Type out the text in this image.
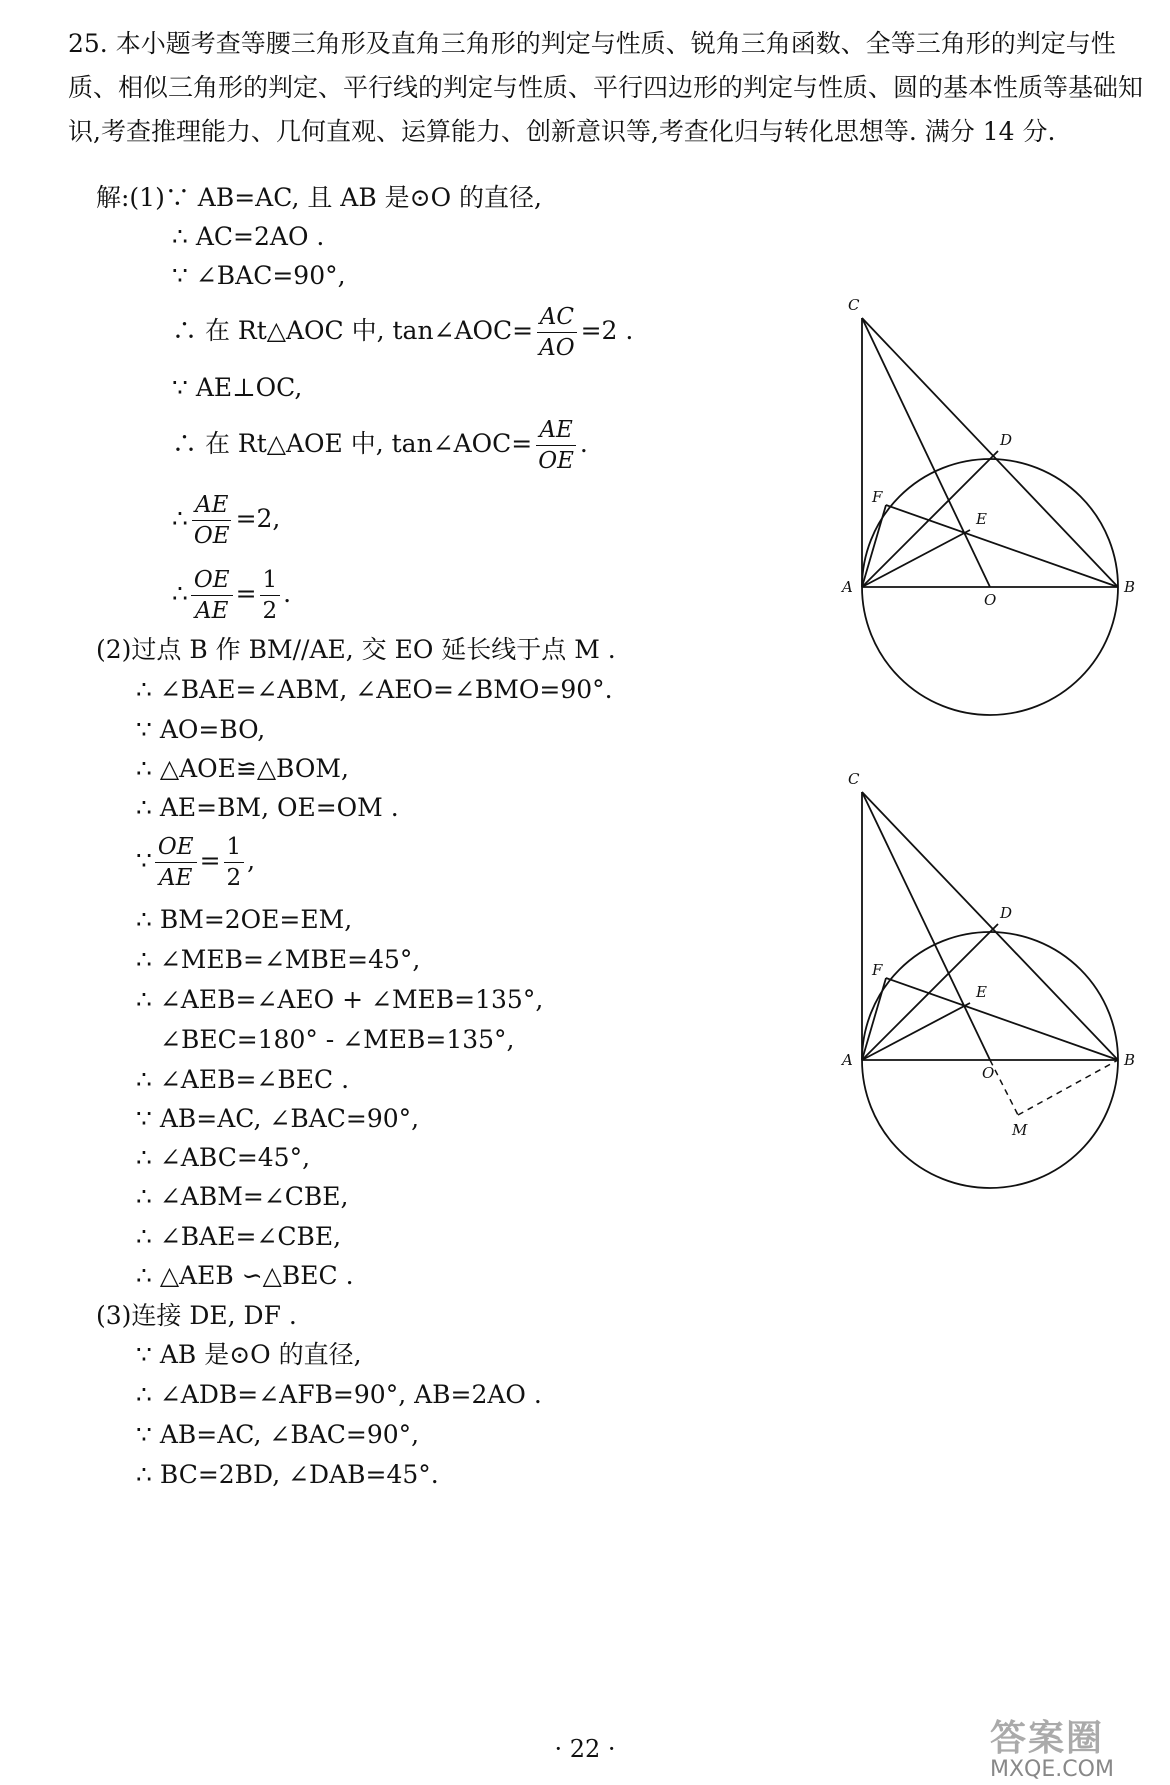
25. 本小题考查等腰三角形及直角三角形的判定与性质、锐角三角函数、全等三角形的判定与性质、相似三角形的判定、平行线的判定与性质、平行四边形的判定与性质、圆的基本性质等基础知识,考查推理能力、几何直观、运算能力、创新意识等,考查化归与转化思想等. 满分 14 分.
解:(1)∵ AB=AC, 且 AB 是⊙O 的直径,
∴ AC=2AO .
∵ ∠BAC=90°,
∴ 在 Rt△AOC 中, tan∠AOC= $\frac{AC}{AO} =2$ .
∵ AE⊥OC,
∴ 在 Rt△AOE 中, tan∠AOC= $\frac{AE}{OE}$ .
∴ $\frac{AE}{OE} =2$,
∴ $\frac{OE}{AE} = \frac{1}{2}$ .
(2)过点 B 作 BM//AE, 交 EO 延长线于点 M .
∴ ∠BAE=∠ABM, ∠AEO=∠BMO=90°.
∵ AO=BO,
∴ △AOE≌△BOM,
∴ AE=BM, OE=OM .
∵ $\frac{OE}{AE} = \frac{1}{2}$ ,
∴ BM=2OE=EM,
∴ ∠MEB=∠MBE=45°,
∴ ∠AEB=∠AEO + ∠MEB=135°,
∠BEC=180° - ∠MEB=135°,
∴ ∠AEB=∠BEC .
∵ AB=AC, ∠BAC=90°,
∴ ∠ABC=45°,
∴ ∠ABM=∠CBE,
∴ ∠BAE=∠CBE,
∴ △AEB ∽△BEC .
(3)连接 DE, DF .
∵ AB 是⊙O 的直径,
∴ ∠ADB=∠AFB=90°, AB=2AO .
∵ AB=AC, ∠BAC=90°,
∴ BC=2BD, ∠DAB=45°.
C
D
F
E
A
O
B
C
D
F
E
A
O
B
M
· 22 ·	答案圈
MXQE.COM
